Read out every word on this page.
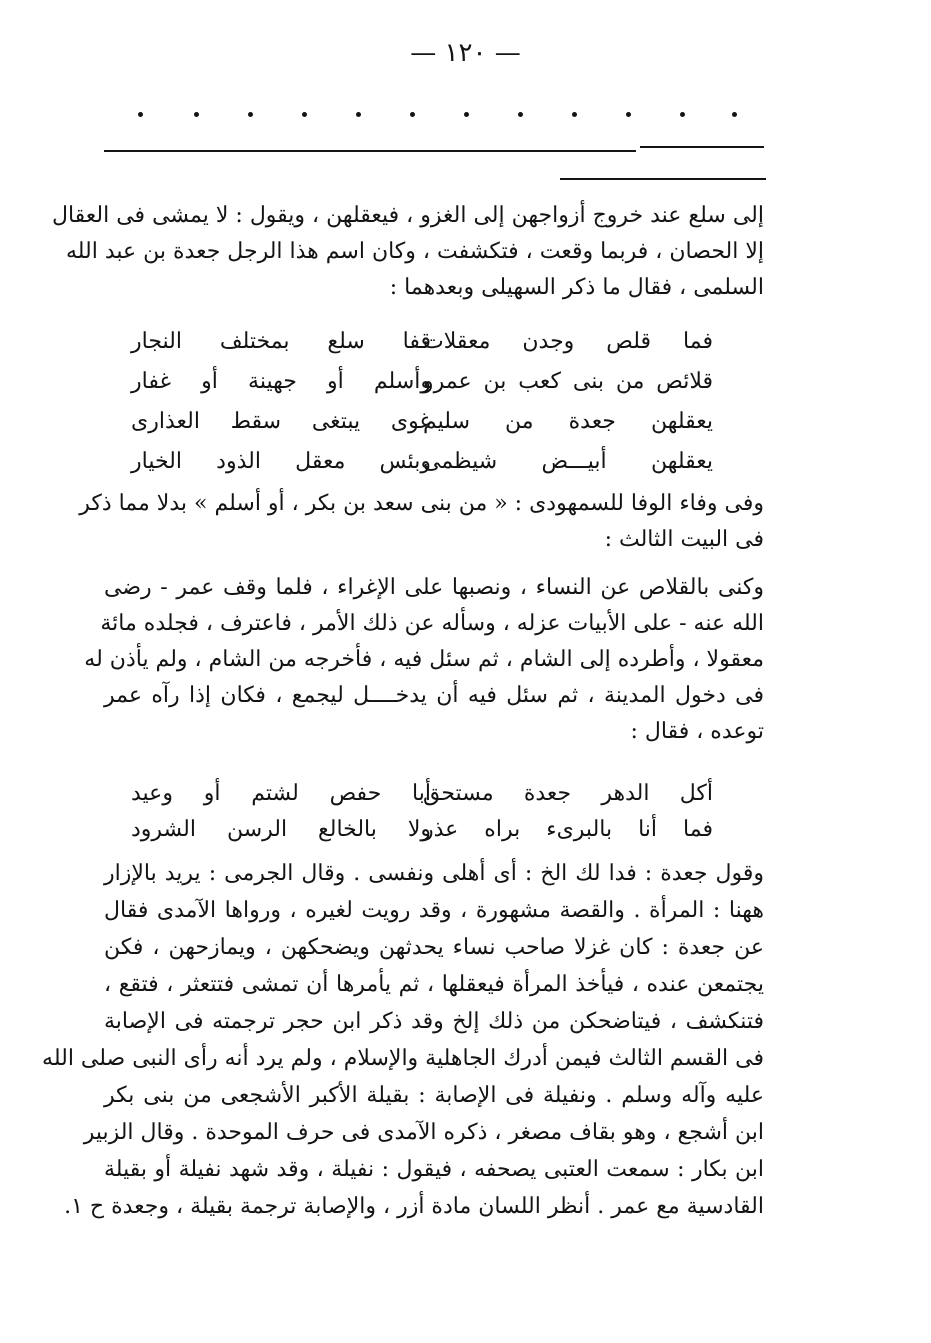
— ١٢٠ —
إلى سلع عند خروج أزواجهن إلى الغزو ، فيعقلهن ، ويقول : لا يمشى فى العقال
إلا الحصان ، فربما وقعت ، فتكشفت ، وكان اسم هذا الرجل جعدة بن عبد الله
السلمى ، فقال ما ذكر السهيلى وبعدهما :
فما قلص وجدن معقلات
قفا سلع بمختلف النجار
قلائص من بنى كعب بن عمرو
وأسلم أو جهينة أو غفار
يعقلهن جعدة من سليم
غوى يبتغى سقط العذارى
يعقلهن أبيـــض شيظمى
وبئس معقل الذود الخيار
وفى وفاء الوفا للسمهودى : « من بنى سعد بن بكر ، أو أسلم » بدلا مما ذكر
فى البيت الثالث :
وكنى بالقلاص عن النساء ، ونصبها على الإغراء ، فلما وقف عمر - رضى
الله عنه - على الأبيات عزله ، وسأله عن ذلك الأمر ، فاعترف ، فجلده مائة
معقولا ، وأطرده إلى الشام ، ثم سئل فيه ، فأخرجه من الشام ، ولم يأذن له
فى دخول المدينة ، ثم سئل فيه أن يدخــــل ليجمع ، فكان إذا رآه عمر
توعده ، فقال :
أكل الدهر جعدة مستحق
أبا حفص لشتم أو وعيد
فما أنا بالبرىء براه عذر
ولا بالخالع الرسن الشرود
وقول جعدة : فدا لك الخ : أى أهلى ونفسى . وقال الجرمى : يريد بالإزار
ههنا : المرأة . والقصة مشهورة ، وقد رويت لغيره ، ورواها الآمدى فقال
عن جعدة : كان غزلا صاحب نساء يحدثهن ويضحكهن ، ويمازحهن ، فكن
يجتمعن عنده ، فيأخذ المرأة فيعقلها ، ثم يأمرها أن تمشى فتتعثر ، فتقع ،
فتنكشف ، فيتاضحكن من ذلك إلخ وقد ذكر ابن حجر ترجمته فى الإصابة
فى القسم الثالث فيمن أدرك الجاهلية والإسلام ، ولم يرد أنه رأى النبى صلى الله
عليه وآله وسلم . ونفيلة فى الإصابة : بقيلة الأكبر الأشجعى من بنى بكر
ابن أشجع ، وهو بقاف مصغر ، ذكره الآمدى فى حرف الموحدة . وقال الزبير
ابن بكار : سمعت العتبى يصحفه ، فيقول : نفيلة ، وقد شهد نفيلة أو بقيلة
القادسية مع عمر . أنظر اللسان مادة أزر ، والإصابة ترجمة بقيلة ، وجعدة ح ١.
